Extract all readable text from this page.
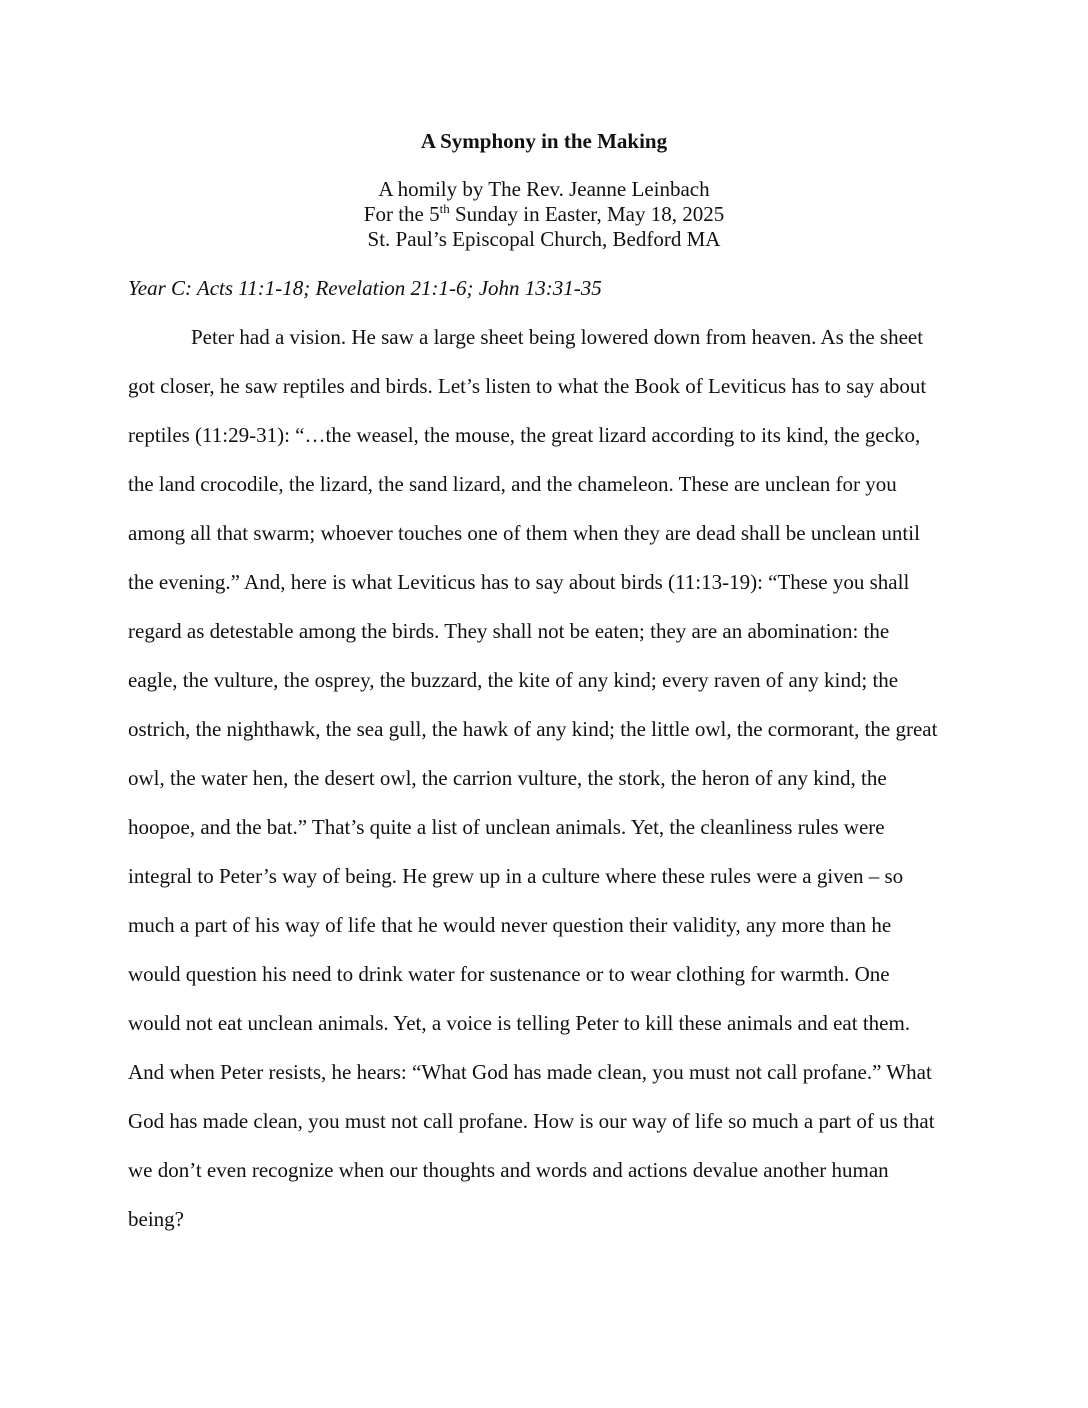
A Symphony in the Making
A homily by The Rev. Jeanne Leinbach
For the 5th Sunday in Easter, May 18, 2025
St. Paul’s Episcopal Church, Bedford MA
Year C: Acts 11:1-18; Revelation 21:1-6; John 13:31-35
Peter had a vision. He saw a large sheet being lowered down from heaven. As the sheet
got closer, he saw reptiles and birds. Let’s listen to what the Book of Leviticus has to say about
reptiles (11:29-31): “…the weasel, the mouse, the great lizard according to its kind, the gecko,
the land crocodile, the lizard, the sand lizard, and the chameleon. These are unclean for you
among all that swarm; whoever touches one of them when they are dead shall be unclean until
the evening.” And, here is what Leviticus has to say about birds (11:13-19): “These you shall
regard as detestable among the birds. They shall not be eaten; they are an abomination: the
eagle, the vulture, the osprey, the buzzard, the kite of any kind; every raven of any kind; the
ostrich, the nighthawk, the sea gull, the hawk of any kind; the little owl, the cormorant, the great
owl, the water hen, the desert owl, the carrion vulture, the stork, the heron of any kind, the
hoopoe, and the bat.” That’s quite a list of unclean animals. Yet, the cleanliness rules were
integral to Peter’s way of being. He grew up in a culture where these rules were a given – so
much a part of his way of life that he would never question their validity, any more than he
would question his need to drink water for sustenance or to wear clothing for warmth. One
would not eat unclean animals. Yet, a voice is telling Peter to kill these animals and eat them.
And when Peter resists, he hears: “What God has made clean, you must not call profane.” What
God has made clean, you must not call profane. How is our way of life so much a part of us that
we don’t even recognize when our thoughts and words and actions devalue another human
being?
